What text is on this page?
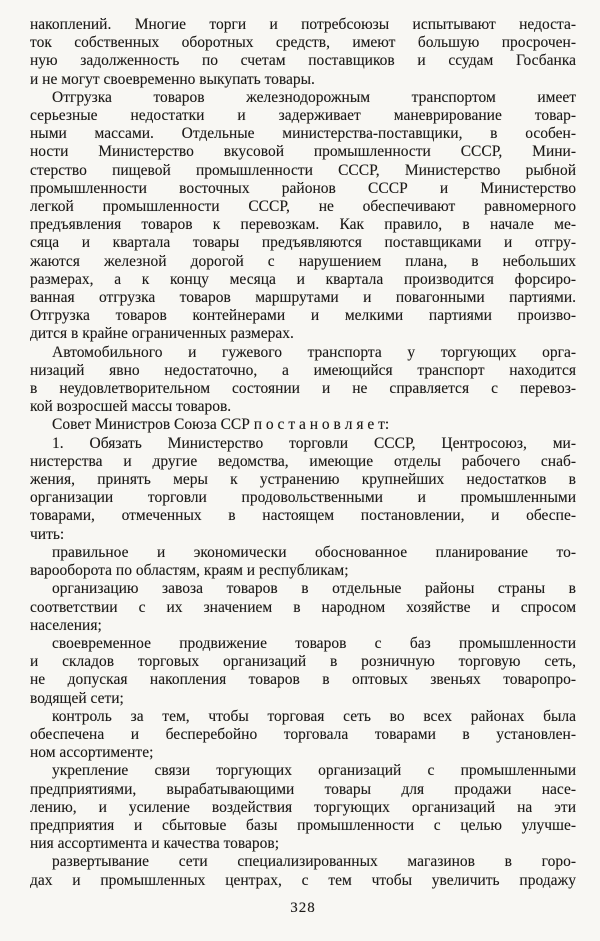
накоплений. Многие торги и потребсоюзы испытывают недоста-
ток собственных оборотных средств, имеют большую просрочен-
ную задолженность по счетам поставщиков и ссудам Госбанка
и не могут своевременно выкупать товары.
Отгрузка товаров железнодорожным транспортом имеет
серьезные недостатки и задерживает маневрирование товар-
ными массами. Отдельные министерства-поставщики, в особен-
ности Министерство вкусовой промышленности СССР, Мини-
стерство пищевой промышленности СССР, Министерство рыбной
промышленности восточных районов СССР и Министерство
легкой промышленности СССР, не обеспечивают равномерного
предъявления товаров к перевозкам. Как правило, в начале ме-
сяца и квартала товары предъявляются поставщиками и отгру-
жаются железной дорогой с нарушением плана, в небольших
размерах, а к концу месяца и квартала производится форсиро-
ванная отгрузка товаров маршрутами и повагонными партиями.
Отгрузка товаров контейнерами и мелкими партиями произво-
дится в крайне ограниченных размерах.
Автомобильного и гужевого транспорта у торгующих орга-
низаций явно недостаточно, а имеющийся транспорт находится
в неудовлетворительном состоянии и не справляется с перевоз-
кой возросшей массы товаров.
Совет Министров Союза ССР п о с т а н о в л я е т:
1. Обязать Министерство торговли СССР, Центросоюз, ми-
нистерства и другие ведомства, имеющие отделы рабочего снаб-
жения, принять меры к устранению крупнейших недостатков в
организации торговли продовольственными и промышленными
товарами, отмеченных в настоящем постановлении, и обеспе-
чить:
правильное и экономически обоснованное планирование то-
варооборота по областям, краям и республикам;
организацию завоза товаров в отдельные районы страны в
соответствии с их значением в народном хозяйстве и спросом
населения;
своевременное продвижение товаров с баз промышленности
и складов торговых организаций в розничную торговую сеть,
не допуская накопления товаров в оптовых звеньях товаропро-
водящей сети;
контроль за тем, чтобы торговая сеть во всех районах была
обеспечена и бесперебойно торговала товарами в установлен-
ном ассортименте;
укрепление связи торгующих организаций с промышленными
предприятиями, вырабатывающими товары для продажи насе-
лению, и усиление воздействия торгующих организаций на эти
предприятия и сбытовые базы промышленности с целью улучше-
ния ассортимента и качества товаров;
развертывание сети специализированных магазинов в горо-
дах и промышленных центрах, с тем чтобы увеличить продажу
328
